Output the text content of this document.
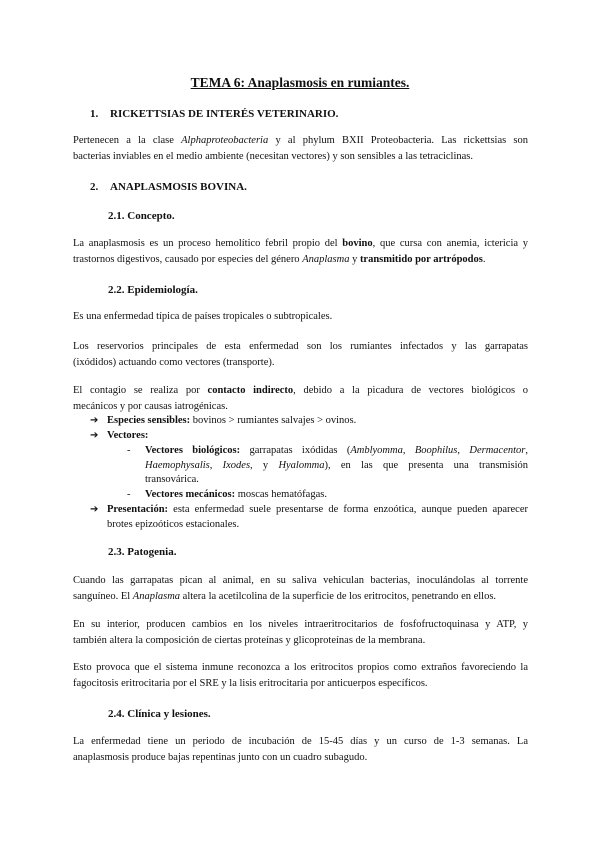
TEMA 6: Anaplasmosis en rumiantes.
1. RICKETTSIAS DE INTERÉS VETERINARIO.
Pertenecen a la clase Alphaproteobacteria y al phylum BXII Proteobacteria. Las rickettsias son
bacterias inviables en el medio ambiente (necesitan vectores) y son sensibles a las tetraciclinas.
2. ANAPLASMOSIS BOVINA.
2.1. Concepto.
La anaplasmosis es un proceso hemolítico febril propio del bovino, que cursa con anemia, ictericia y
trastornos digestivos, causado por especies del género Anaplasma y transmitido por artrópodos.
2.2. Epidemiología.
Es una enfermedad típica de países tropicales o subtropicales.
Los reservorios principales de esta enfermedad son los rumiantes infectados y las garrapatas
(ixódidos) actuando como vectores (transporte).
El contagio se realiza por contacto indirecto, debido a la picadura de vectores biológicos o
mecánicos y por causas iatrogénicas.
➔ Especies sensibles: bovinos > rumiantes salvajes > ovinos.
➔ Vectores:
- Vectores biológicos: garrapatas ixódidas (Amblyomma, Boophilus, Dermacentor,
Haemophysalis, Ixodes, y Hyalomma), en las que presenta una transmisión
transovárica.
- Vectores mecánicos: moscas hematófagas.
➔ Presentación: esta enfermedad suele presentarse de forma enzoótica, aunque pueden aparecer
brotes epizoóticos estacionales.
2.3. Patogenia.
Cuando las garrapatas pican al animal, en su saliva vehiculan bacterias, inoculándolas al torrente
sanguíneo. El Anaplasma altera la acetilcolina de la superficie de los eritrocitos, penetrando en ellos.
En su interior, producen cambios en los niveles intraeritrocitarios de fosfofructoquinasa y ATP, y
también altera la composición de ciertas proteínas y glicoproteínas de la membrana.
Esto provoca que el sistema inmune reconozca a los eritrocitos propios como extraños favoreciendo la
fagocitosis eritrocitaria por el SRE y la lisis eritrocitaria por anticuerpos específicos.
2.4. Clínica y lesiones.
La enfermedad tiene un periodo de incubación de 15-45 días y un curso de 1-3 semanas. La
anaplasmosis produce bajas repentinas junto con un cuadro subagudo.
